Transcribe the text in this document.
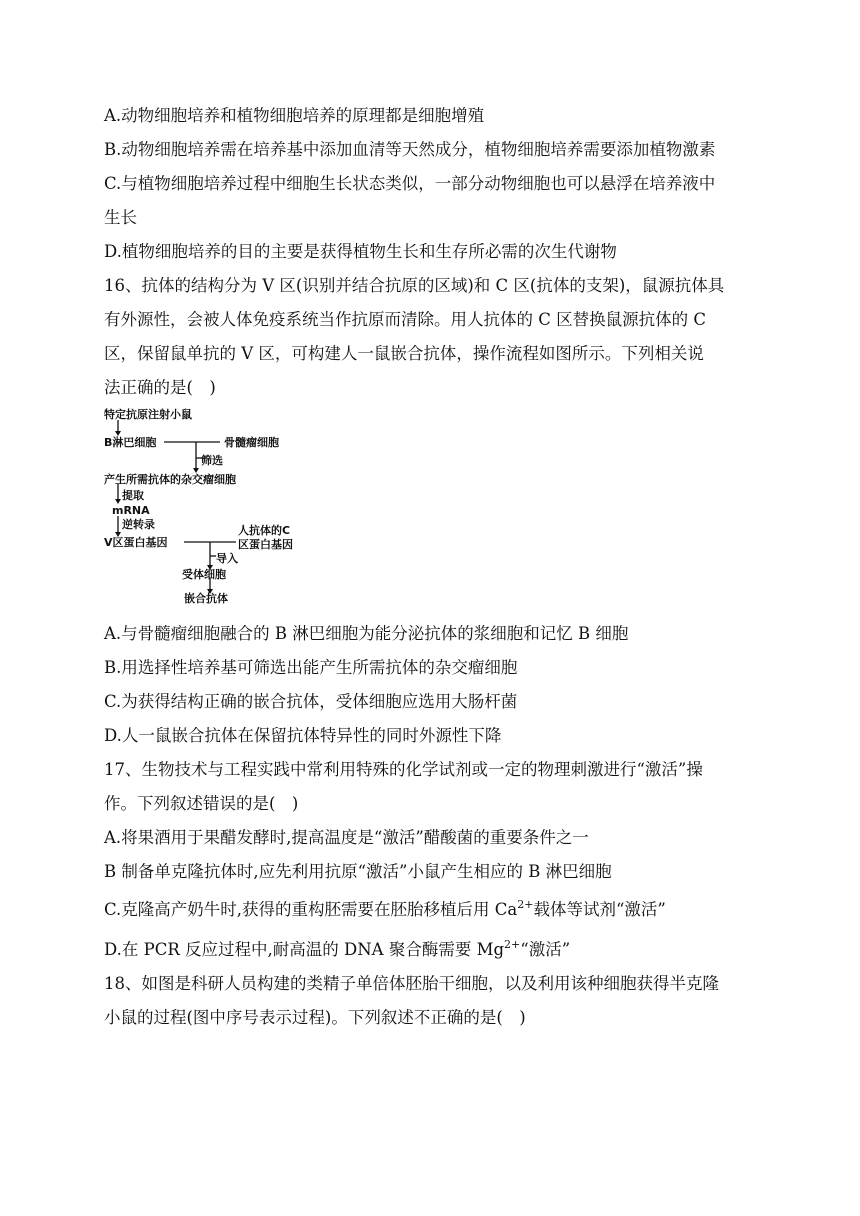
A.动物细胞培养和植物细胞培养的原理都是细胞增殖

B.动物细胞培养需在培养基中添加血清等天然成分，植物细胞培养需要添加植物激素

C.与植物细胞培养过程中细胞生长状态类似，一部分动物细胞也可以悬浮在培养液中

生长

D.植物细胞培养的目的主要是获得植物生长和生存所必需的次生代谢物

16、抗体的结构分为 V 区(识别并结合抗原的区域)和 C 区(抗体的支架)，鼠源抗体具

有外源性，会被人体免疫系统当作抗原而清除。用人抗体的 C 区替换鼠源抗体的 C

区，保留鼠单抗的 V 区，可构建人一鼠嵌合抗体，操作流程如图所示。下列相关说

法正确的是(　)

特定抗原注射小鼠
B淋巴细胞	骨髓瘤细胞
筛选
产生所需抗体的杂交瘤细胞
提取
mRNA
逆转录
V区蛋白基因
人抗体的C
区蛋白基因
导入
受体细胞
嵌合抗体

A.与骨髓瘤细胞融合的 B 淋巴细胞为能分泌抗体的浆细胞和记忆 B 细胞

B.用选择性培养基可筛选出能产生所需抗体的杂交瘤细胞

C.为获得结构正确的嵌合抗体，受体细胞应选用大肠杆菌

D.人一鼠嵌合抗体在保留抗体特异性的同时外源性下降

17、生物技术与工程实践中常利用特殊的化学试剂或一定的物理刺激进行“激活”操

作。下列叙述错误的是(　)

A.将果酒用于果醋发酵时,提高温度是“激活”醋酸菌的重要条件之一

B 制备单克隆抗体时,应先利用抗原“激活”小鼠产生相应的 B 淋巴细胞

C.克隆高产奶牛时,获得的重构胚需要在胚胎移植后用 $Ca^{2+}$载体等试剂“激活”

D.在 PCR 反应过程中,耐高温的 DNA 聚合酶需要 $Mg^{2+}“$激活”

18、如图是科研人员构建的类精子单倍体胚胎干细胞，以及利用该种细胞获得半克隆

小鼠的过程(图中序号表示过程)。下列叙述不正确的是(　)
